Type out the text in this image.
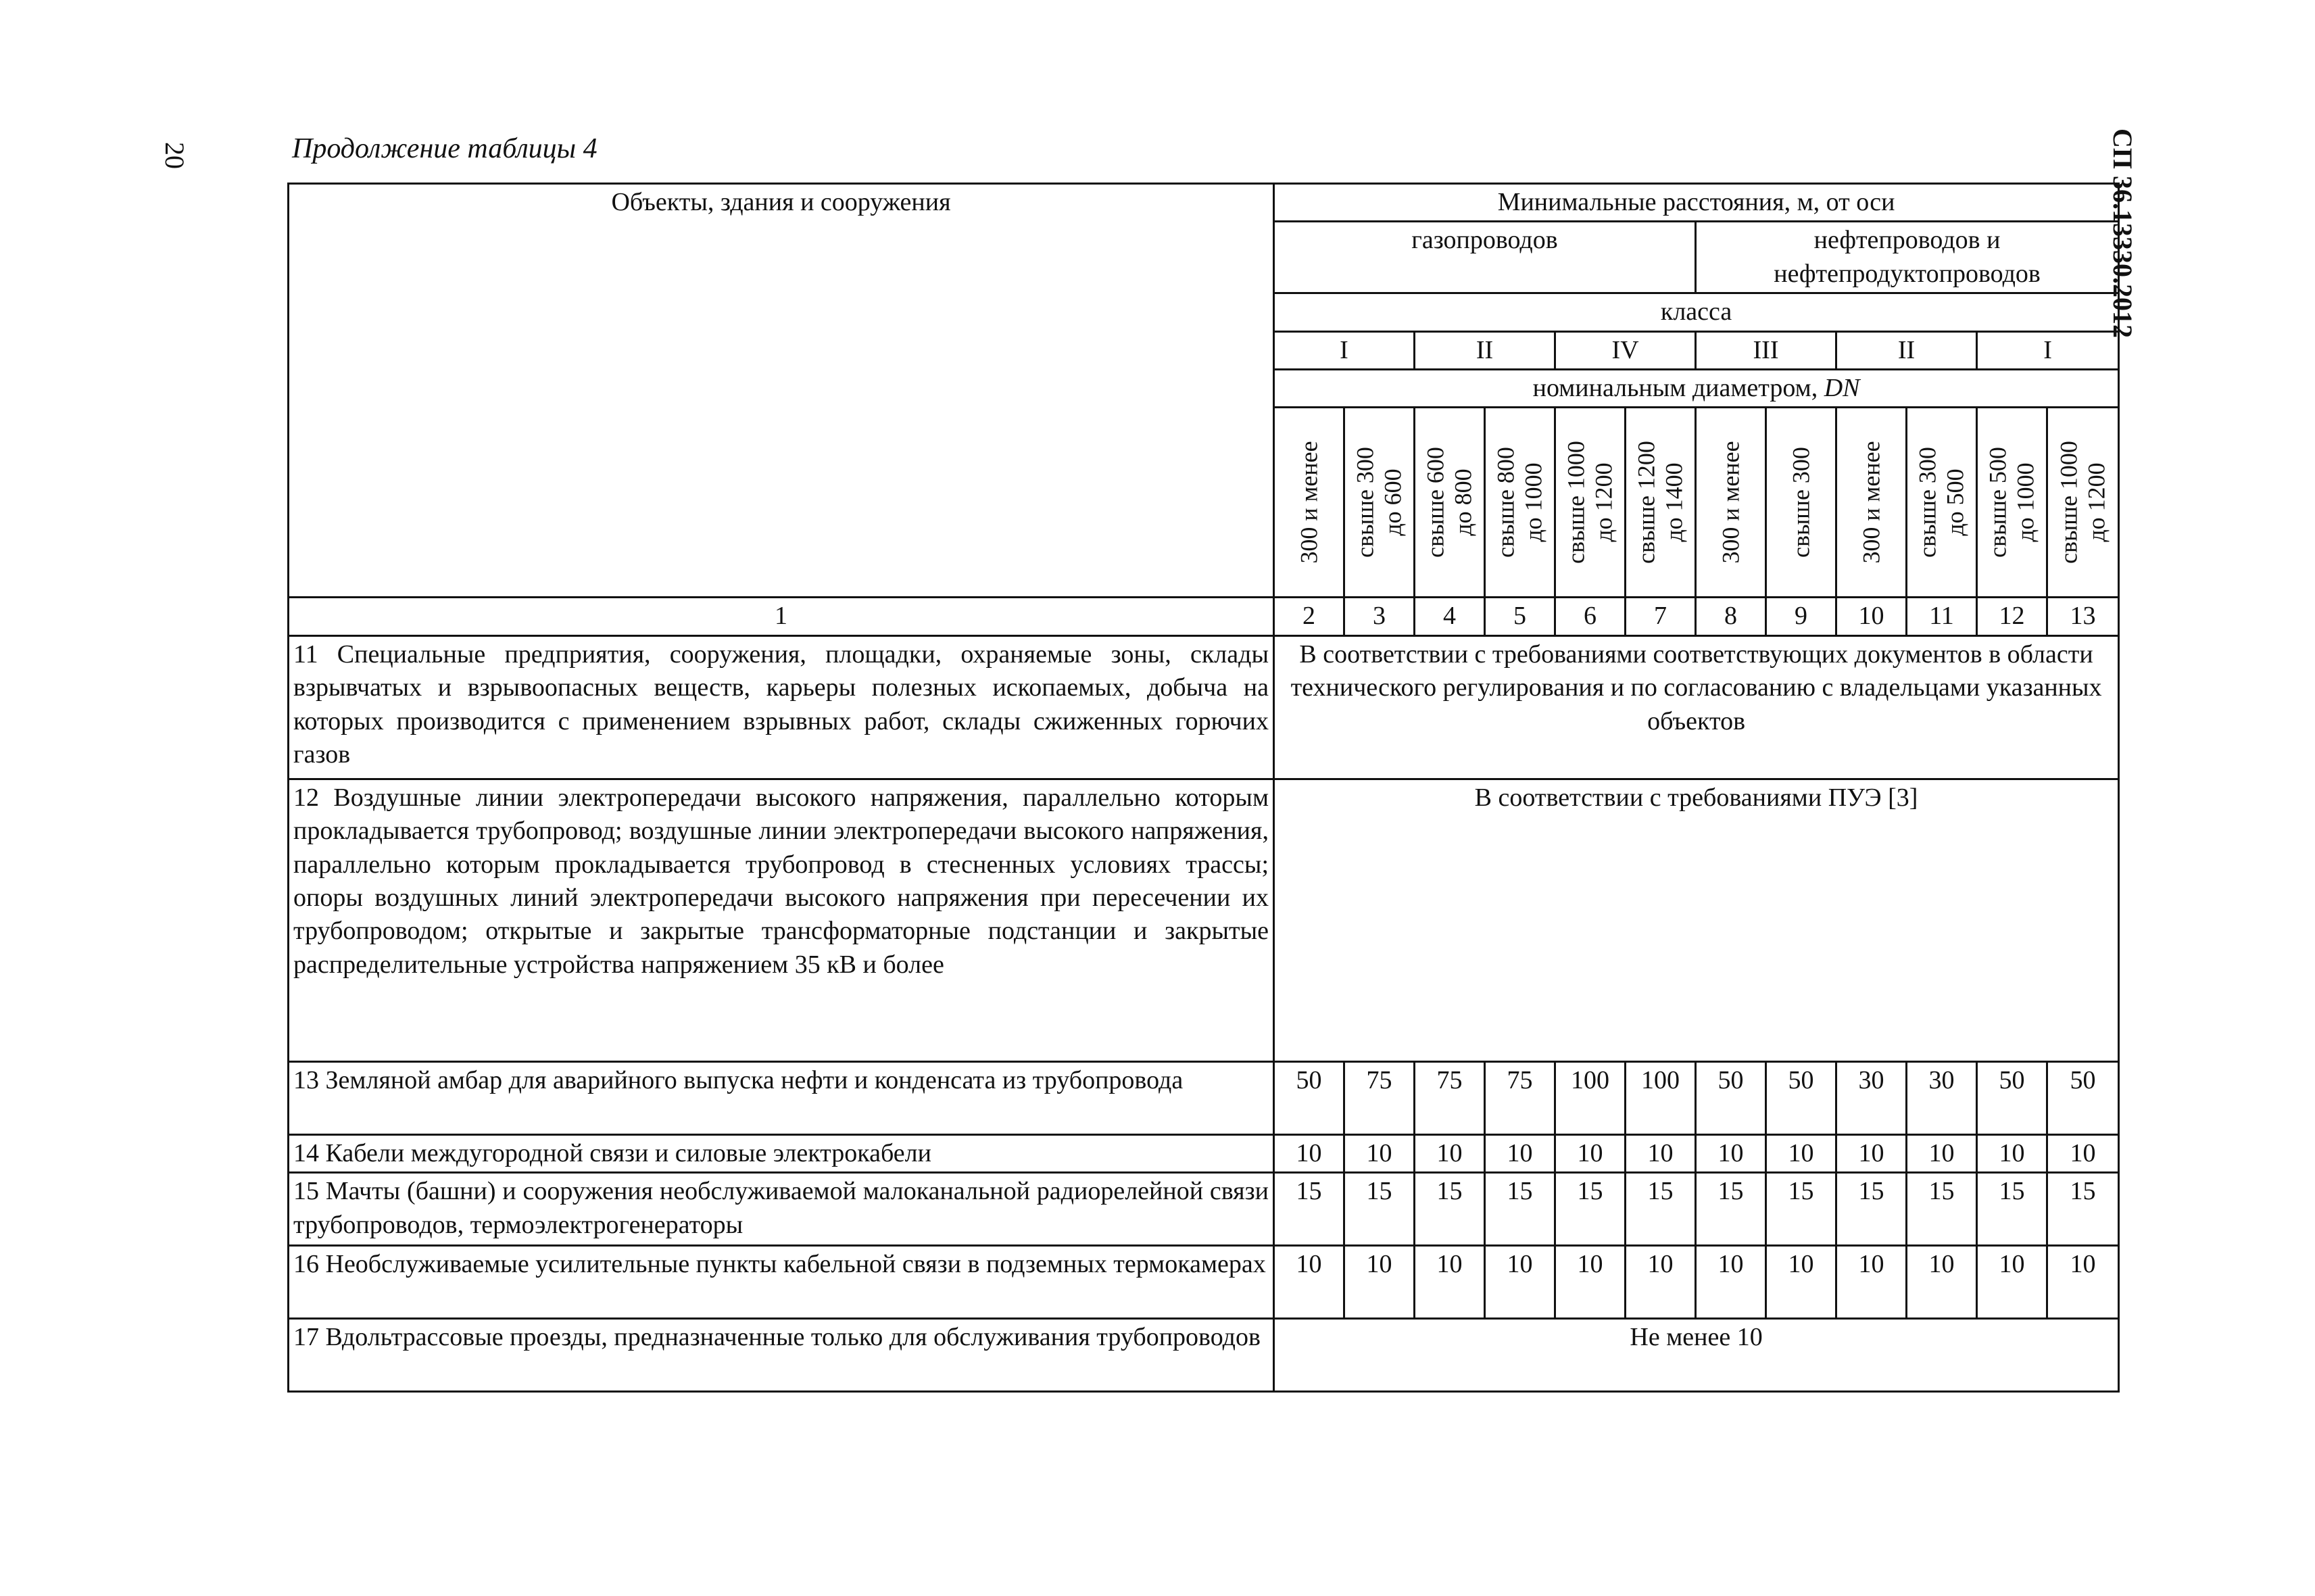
20	СП 36.13330.2012
Продолжение таблицы 4
Объекты, здания и сооружения	Минимальные расстояния, м, от оси											
	газопроводов						нефтепроводов и нефтепродуктопроводов					
	класса											
	I		II		IV		III		II		I	
	номинальным диаметром, DN											

	300 и менее	свыше 300 до 600	свыше 600 до 800	свыше 800 до 1000	свыше 1000 до 1200	свыше 1200 до 1400	300 и менее	свыше 300	300 и менее	свыше 300 до 500	свыше 500 до 1000	свыше 1000 до 1200

1	2	3	4	5	6	7	8	9	10	11	12	13
11 Специальные предприятия, сооружения, площадки, охраняемые зоны, склады взрывчатых и взрывоопасных веществ, карьеры полезных ископаемых, добыча на которых производится с применением взрывных работ, склады сжиженных горючих газов	В соответствии с требованиями соответствующих документов в области технического регулирования и по согласованию с владельцами указанных объектов											
12 Воздушные линии электропередачи высокого напряжения, параллельно которым прокладывается трубопровод; воздушные линии электропередачи высокого напряжения, параллельно которым прокладывается трубопровод в стесненных условиях трассы; опоры воздушных линий электропередачи высокого напряжения при пересечении их трубопроводом; открытые и закрытые трансформаторные подстанции и закрытые распределительные устройства напряжением 35 кВ и более	В соответствии с требованиями ПУЭ [3]											
13 Земляной амбар для аварийного выпуска нефти и конденсата из трубопровода	50	75	75	75	100	100	50	50	30	30	50	50
14 Кабели междугородной связи и силовые электрокабели	10	10	10	10	10	10	10	10	10	10	10	10
15 Мачты (башни) и сооружения необслуживаемой малоканальной радиорелейной связи трубопроводов, термоэлектрогенераторы	15	15	15	15	15	15	15	15	15	15	15	15
16 Необслуживаемые усилительные пункты кабельной связи в подземных термокамерах	10	10	10	10	10	10	10	10	10	10	10	10
17 Вдольтрассовые проезды, предназначенные только для обслуживания трубопроводов	Не менее 10											
